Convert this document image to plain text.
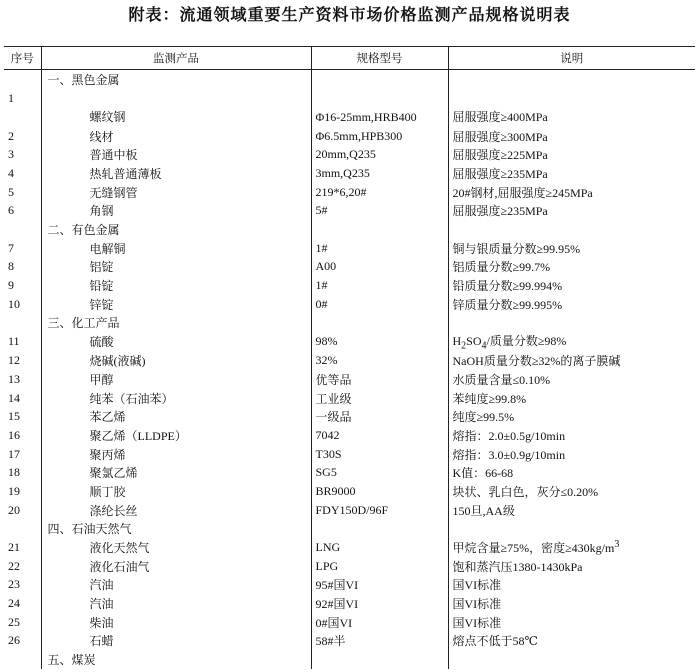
附表：流通领域重要生产资料市场价格监测产品规格说明表
序号	监测产品	规格型号	说明
	一、黑色金属		
1	螺纹钢	Φ16-25mm,HRB400	屈服强度≥400MPa
2	线材	Φ6.5mm,HPB300	屈服强度≥300MPa
3	普通中板	20mm,Q235	屈服强度≥225MPa
4	热轧普通薄板	3mm,Q235	屈服强度≥235MPa
5	无缝钢管	219*6,20#	20#钢材,屈服强度≥245MPa
6	角钢	5#	屈服强度≥235MPa
	二、有色金属		
7	电解铜	1#	铜与银质量分数≥99.95%
8	铝锭	A00	铝质量分数≥99.7%
9	铅锭	1#	铅质量分数≥99.994%
10	锌锭	0#	锌质量分数≥99.995%
	三、化工产品		
11	硫酸	98%	$H_2SO_4/$质量分数≥98%
12	烧碱(液碱)	32%	NaOH质量分数≥32%的离子膜碱
13	甲醇	优等品	水质量含量≤0.10%
14	纯苯（石油苯）	工业级	苯纯度≥99.8%
15	苯乙烯	一级品	纯度≥99.5%
16	聚乙烯（LLDPE）	7042	熔指：2.0±0.5g/10min
17	聚丙烯	T30S	熔指：3.0±0.9g/10min
18	聚氯乙烯	SG5	K值：66-68
19	顺丁胶	BR9000	块状、乳白色，灰分≤0.20%
20	涤纶长丝	FDY150D/96F	150旦,AA级
	四、石油天然气		
21	液化天然气	LNG	甲烷含量≥75%，密度$\ge 430kg/m^3$
22	液化石油气	LPG	饱和蒸汽压1380-1430kPa
23	汽油	95#国VI	国VI标准
24	汽油	92#国VI	国VI标准
25	柴油	0#国VI	国VI标准
26	石蜡	58#半	熔点不低于58℃
	五、煤炭		
